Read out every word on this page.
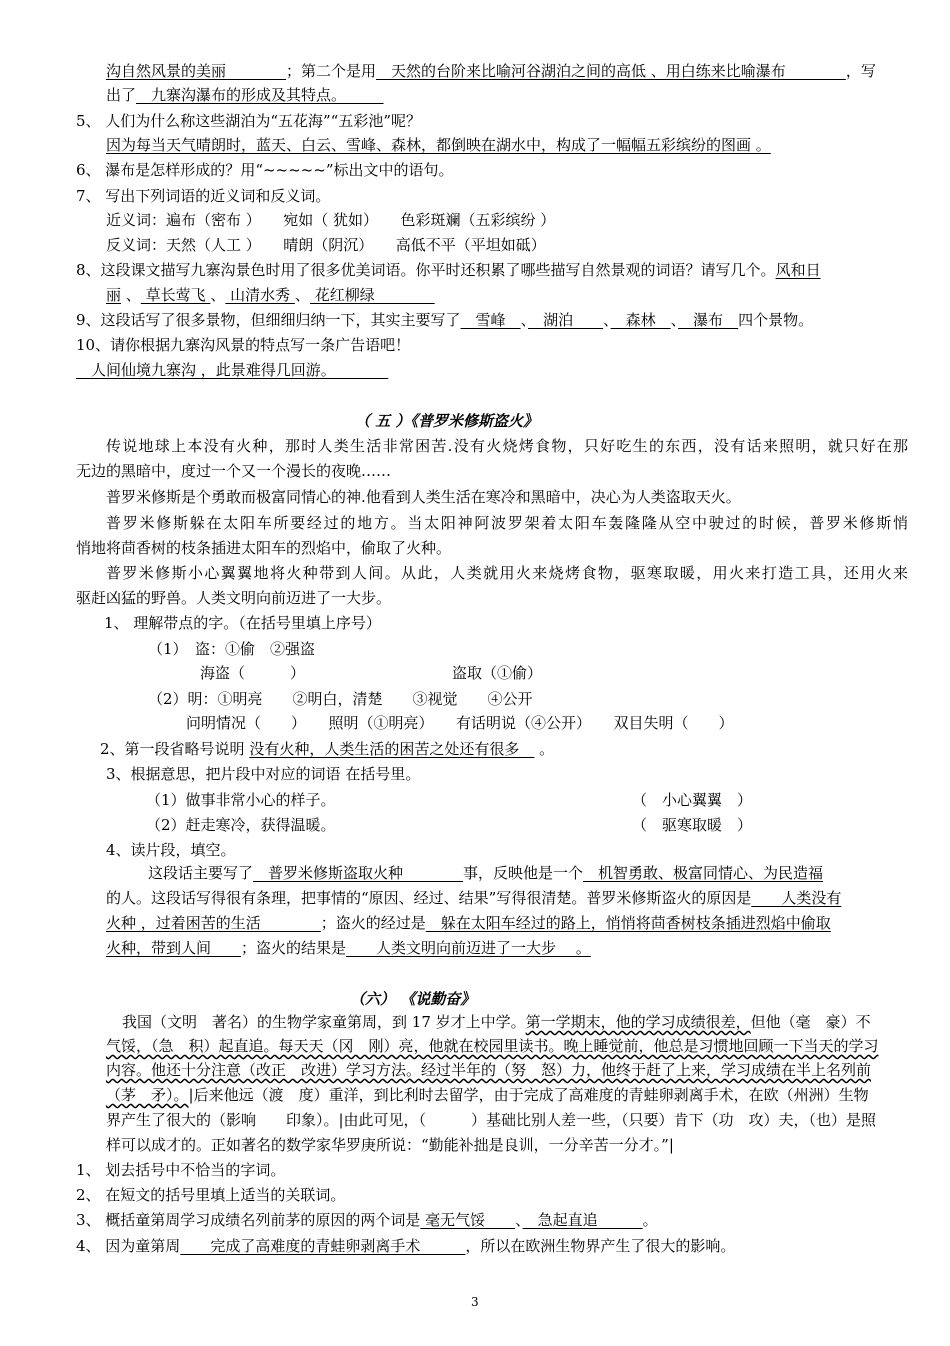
沟自然风景的美丽　　　　；第二个是用　天然的台阶来比喻河谷湖泊之间的高低 、用白练来比喻瀑布　　　　，写
出了　九寨沟瀑布的形成及其特点。　　　
5、 人们为什么称这些湖泊为“五花海”“五彩池”呢？
因为每当天气晴朗时，蓝天、白云、雪峰、森林，都倒映在湖水中，构成了一幅幅五彩缤纷的图画 。
6、 瀑布是怎样形成的？用“~~~~~”标出文中的语句。
7、 写出下列词语的近义词和反义词。
近义词：遍布（密布 ）　　宛如（ 犹如）　　色彩斑斓（五彩缤纷 ）
反义词：天然（人工 ）　　晴朗（阴沉）　　高低不平（平坦如砥）
8、这段课文描写九寨沟景色时用了很多优美词语。你平时还积累了哪些描写自然景观的词语？请写几个。风和日
丽 、 草长莺飞 、 山清水秀 、 花红柳绿　　　　
9、这段话写了很多景物，但细细归纳一下，其实主要写了　雪峰　、　湖泊　　、　森林　、　瀑布　四个景物。
10、请你根据九寨沟风景的特点写一条广告语吧！
　人间仙境九寨沟 ，此景难得几回游。　　　　
（ 五 ）《普罗米修斯盗火》
传说地球上本没有火种，那时人类生活非常困苦.没有火烧烤食物，只好吃生的东西，没有话来照明，就只好在那
无边的黑暗中，度过一个又一个漫长的夜晚……
普罗米修斯是个勇敢而极富同情心的神.他看到人类生活在寒冷和黑暗中，决心为人类盗取天火。
普罗米修斯躲在太阳车所要经过的地方。当太阳神阿波罗架着太阳车轰隆隆从空中驶过的时候，普罗米修斯悄
悄地将茴香树的枝条插进太阳车的烈焰中，偷取了火种。
普罗米修斯小心翼翼地将火种带到人间。从此，人类就用火来烧烤食物，驱寒取暖，用火来打造工具，还用火来
驱赶凶猛的野兽。人类文明向前迈进了一大步。
1、 理解带点的字。（在括号里填上序号）
（1）　盗：①偷　②强盗
海盗（　　　）	盗取（①偷）
（2）明：①明亮　　②明白，清楚　　③视觉　　④公开
问明情况（　　）　　照明（①明亮）　　有话明说（④公开）　　双目失明（　　）
2、第一段省略号说明 没有火种，人类生活的困苦之处还有很多　 。
3、根据意思，把片段中对应的词语 在括号里。
（1）做事非常小心的样子。	（　小心翼翼　）
（2）赶走寒冷，获得温暖。	（　驱寒取暖　）
4、读片段，填空。
这段话主要写了　普罗米修斯盗取火种　　　　事，反映他是一个　机智勇敢、极富同情心、为民造福
的人。这段话写得很有条理，把事情的“原因、经过、结果”写得很清楚。普罗米修斯盗火的原因是　　人类没有
火种 ，过着困苦的生活　　　　；盗火的经过是　躲在太阳车经过的路上，悄悄将茴香树枝条插进烈焰中偷取
火种，带到人间　　；盗火的结果是　　人类文明向前迈进了一大步　 。
（六） 《说勤奋》
我国（文明　著名）的生物学家童第周，到 17 岁才上中学。第一学期末，他的学习成绩很差，但他（毫　豪）不
气馁，（急　积）起直追。每天天（冈　刚）亮，他就在校园里读书。晚上睡觉前，他总是习惯地回顾一下当天的学习
内容。他还十分注意（改正　改进）学习方法。经过半年的（努　怒）力，他终于赶了上来，学习成绩在半上名列前
（茅　矛）。|后来他远（渡　度）重洋，到比利时去留学，由于完成了高难度的青蛙卵剥离手术，在欧（州洲）生物
界产生了很大的（影响　　印象）。|由此可见，（　　　）基础比别人差一些，（只要）肯下（功　攻）夫，（也）是照
样可以成才的。正如著名的数学家华罗庚所说：“勤能补拙是良训，一分辛苦一分才。”|
1、 划去括号中不恰当的字词。
2、 在短文的括号里填上适当的关联词。
3、 概括童第周学习成绩名列前茅的原因的两个词是 毫无气馁　　、　急起直追　　　。
4、 因为童第周　　完成了高难度的青蛙卵剥离手术　　　，所以在欧洲生物界产生了很大的影响。
3
